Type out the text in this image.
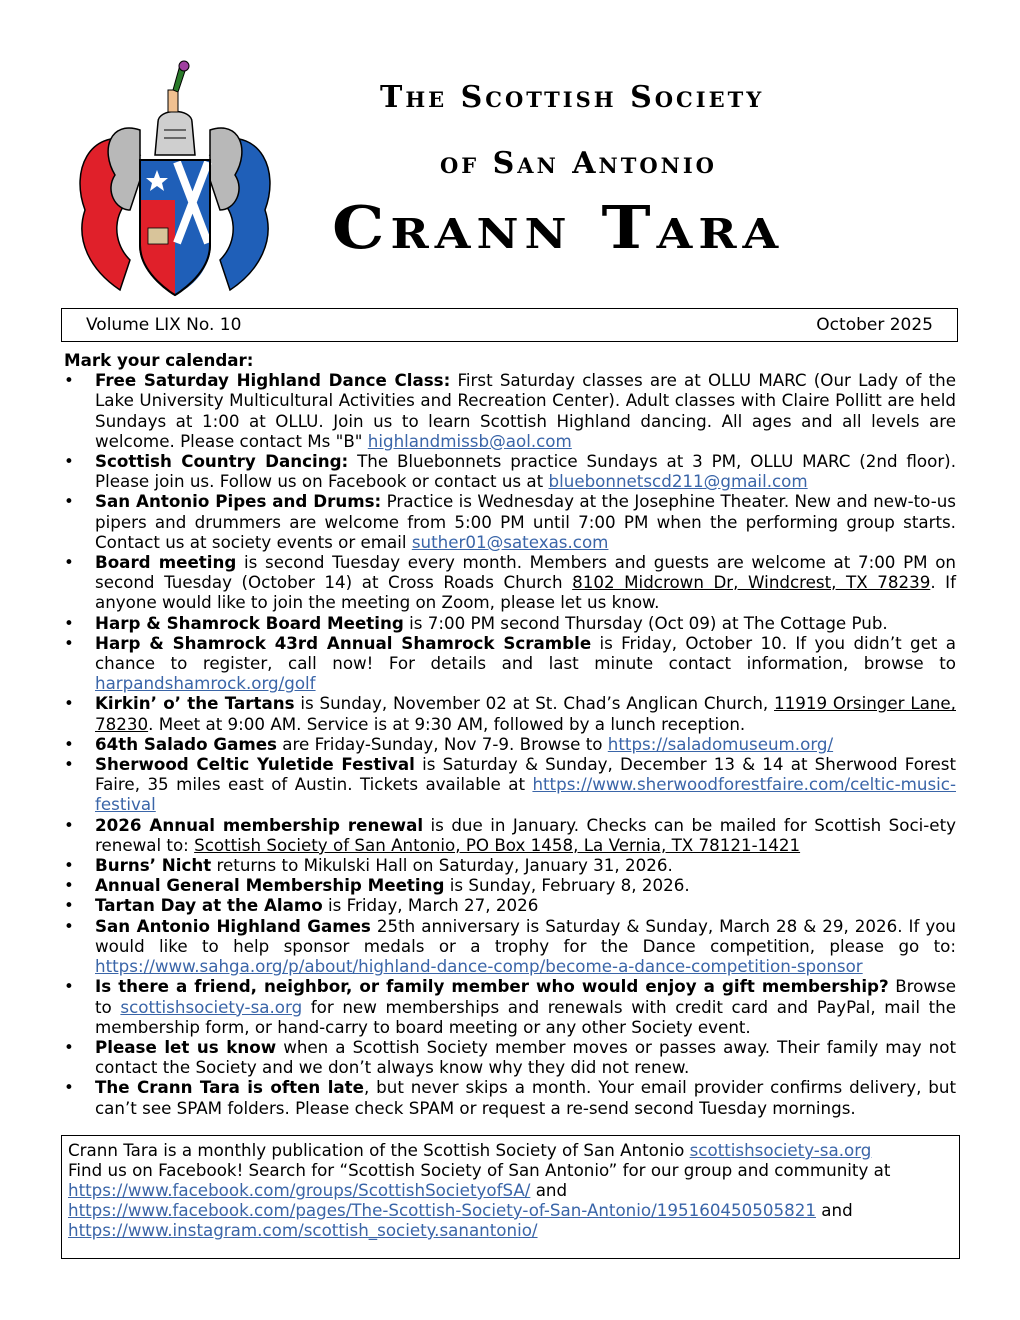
The Scottish Society
of San Antonio
Crann Tara
Volume LIX No. 10	October 2025
Mark your calendar:
• Free Saturday Highland Dance Class: First Saturday classes are at OLLU MARC (Our Lady of the Lake University Multicultural Activities and Recreation Center). Adult classes with Claire Pollitt are held Sundays at 1:00 at OLLU. Join us to learn Scottish Highland dancing. All ages and all levels are welcome. Please contact Ms "B" highlandmissb@aol.com
• Scottish Country Dancing: The Bluebonnets practice Sundays at 3 PM, OLLU MARC (2nd floor). Please join us. Follow us on Facebook or contact us at bluebonnetscd211@gmail.com
• San Antonio Pipes and Drums: Practice is Wednesday at the Josephine Theater. New and new-to-us pipers and drummers are welcome from 5:00 PM until 7:00 PM when the performing group starts. Contact us at society events or email suther01@satexas.com
• Board meeting is second Tuesday every month. Members and guests are welcome at 7:00 PM on second Tuesday (October 14) at Cross Roads Church 8102 Midcrown Dr, Windcrest, TX 78239. If anyone would like to join the meeting on Zoom, please let us know.
• Harp & Shamrock Board Meeting is 7:00 PM second Thursday (Oct 09) at The Cottage Pub.
• Harp & Shamrock 43rd Annual Shamrock Scramble is Friday, October 10. If you didn’t get a chance to register, call now! For details and last minute contact information, browse to harpandshamrock.org/golf
• Kirkin’ o’ the Tartans is Sunday, November 02 at St. Chad’s Anglican Church, 11919 Orsinger Lane, 78230. Meet at 9:00 AM. Service is at 9:30 AM, followed by a lunch reception.
• 64th Salado Games are Friday-Sunday, Nov 7-9. Browse to https://saladomuseum.org/
• Sherwood Celtic Yuletide Festival is Saturday & Sunday, December 13 & 14 at Sherwood Forest Faire, 35 miles east of Austin. Tickets available at https://www.sherwoodforestfaire.com/celtic-music-festival
• 2026 Annual membership renewal is due in January. Checks can be mailed for Scottish Soci-ety renewal to: Scottish Society of San Antonio, PO Box 1458, La Vernia, TX 78121-1421
• Burns’ Nicht returns to Mikulski Hall on Saturday, January 31, 2026.
• Annual General Membership Meeting is Sunday, February 8, 2026.
• Tartan Day at the Alamo is Friday, March 27, 2026
• San Antonio Highland Games 25th anniversary is Saturday & Sunday, March 28 & 29, 2026. If you would like to help sponsor medals or a trophy for the Dance competition, please go to: https://www.sahga.org/p/about/highland-dance-comp/become-a-dance-competition-sponsor
• Is there a friend, neighbor, or family member who would enjoy a gift membership? Browse to scottishsociety-sa.org for new memberships and renewals with credit card and PayPal, mail the membership form, or hand-carry to board meeting or any other Society event.
• Please let us know when a Scottish Society member moves or passes away. Their family may not contact the Society and we don’t always know why they did not renew.
• The Crann Tara is often late, but never skips a month. Your email provider confirms delivery, but can’t see SPAM folders. Please check SPAM or request a re-send second Tuesday mornings.
Crann Tara is a monthly publication of the Scottish Society of San Antonio scottishsociety-sa.org
Find us on Facebook! Search for “Scottish Society of San Antonio” for our group and community at
https://www.facebook.com/groups/ScottishSocietyofSA/ and
https://www.facebook.com/pages/The-Scottish-Society-of-San-Antonio/195160450505821 and
https://www.instagram.com/scottish_society.sanantonio/
